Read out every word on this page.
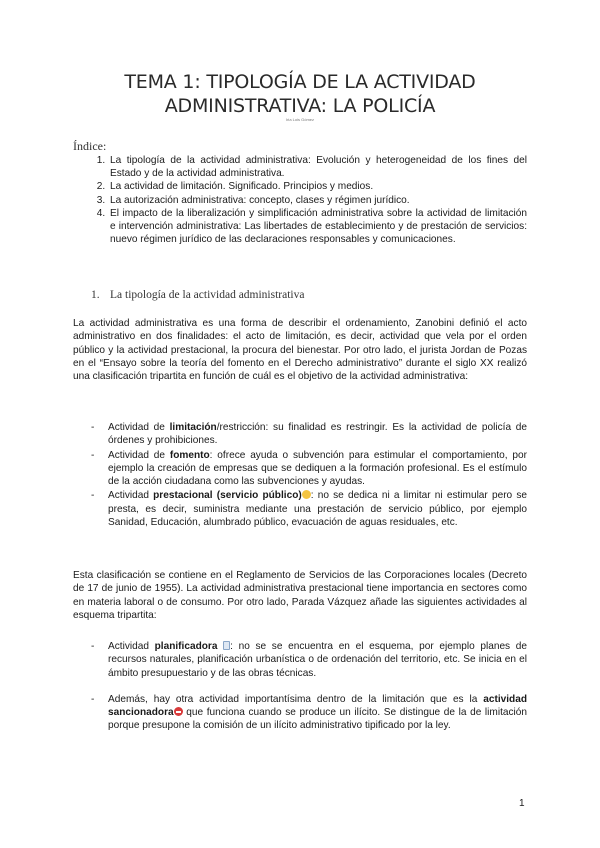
TEMA 1: TIPOLOGÍA DE LA ACTIVIDAD
ADMINISTRATIVA: LA POLICÍA
Iria Lois Gómez
Índice:
1. La tipología de la actividad administrativa: Evolución y heterogeneidad de los fines del Estado y de la actividad administrativa.
2. La actividad de limitación. Significado. Principios y medios.
3. La autorización administrativa: concepto, clases y régimen jurídico.
4. El impacto de la liberalización y simplificación administrativa sobre la actividad de limitación e intervención administrativa: Las libertades de establecimiento y de prestación de servicios: nuevo régimen jurídico de las declaraciones responsables y comunicaciones.
1. La tipología de la actividad administrativa

La actividad administrativa es una forma de describir el ordenamiento, Zanobini definió el acto administrativo en dos finalidades: el acto de limitación, es decir, actividad que vela por el orden público y la actividad prestacional, la procura del bienestar. Por otro lado, el jurista Jordan de Pozas en el “Ensayo sobre la teoría del fomento en el Derecho administrativo” durante el siglo XX realizó una clasificación tripartita en función de cuál es el objetivo de la actividad administrativa:

- Actividad de limitación/restricción: su finalidad es restringir. Es la actividad de policía de órdenes y prohibiciones.
- Actividad de fomento: ofrece ayuda o subvención para estimular el comportamiento, por ejemplo la creación de empresas que se dediquen a la formación profesional. Es el estímulo de la acción ciudadana como las subvenciones y ayudas.
- Actividad prestacional (servicio público) : no se dedica ni a limitar ni estimular pero se presta, es decir, suministra mediante una prestación de servicio público, por ejemplo Sanidad, Educación, alumbrado público, evacuación de aguas residuales, etc.

Esta clasificación se contiene en el Reglamento de Servicios de las Corporaciones locales (Decreto de 17 de junio de 1955). La actividad administrativa prestacional tiene importancia en sectores como en materia laboral o de consumo. Por otro lado, Parada Vázquez añade las siguientes actividades al esquema tripartita:

- Actividad planificadora : no se se encuentra en el esquema, por ejemplo planes de recursos naturales, planificación urbanística o de ordenación del territorio, etc. Se inicia en el ámbito presupuestario y de las obras técnicas.
- Además, hay otra actividad importantísima dentro de la limitación que es la actividad sancionadora que funciona cuando se produce un ilícito. Se distingue de la de limitación porque presupone la comisión de un ilícito administrativo tipificado por la ley.
1
